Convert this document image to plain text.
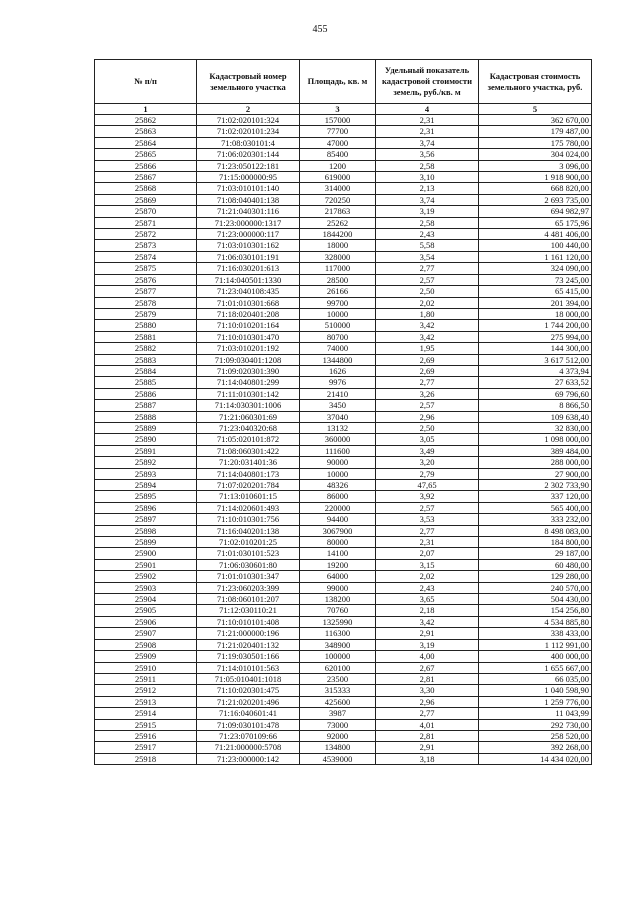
455
№ п/п	Кадастровый номер земельного участка	Площадь, кв. м	Удельный показатель кадастровой стоимости земель, руб./кв. м	Кадастровая стоимость земельного участка, руб.
1	2	3	4	5
25862	71:02:020101:324	157000	2,31	362 670,00
25863	71:02:020101:234	77700	2,31	179 487,00
25864	71:08:030101:4	47000	3,74	175 780,00
25865	71:06:020301:144	85400	3,56	304 024,00
25866	71:23:050122:181	1200	2,58	3 096,00
25867	71:15:000000:95	619000	3,10	1 918 900,00
25868	71:03:010101:140	314000	2,13	668 820,00
25869	71:08:040401:138	720250	3,74	2 693 735,00
25870	71:21:040301:116	217863	3,19	694 982,97
25871	71:23:000000:1317	25262	2,58	65 175,96
25872	71:23:000000:117	1844200	2,43	4 481 406,00
25873	71:03:010301:162	18000	5,58	100 440,00
25874	71:06:030101:191	328000	3,54	1 161 120,00
25875	71:16:030201:613	117000	2,77	324 090,00
25876	71:14:040501:1330	28500	2,57	73 245,00
25877	71:23:040108:435	26166	2,50	65 415,00
25878	71:01:010301:668	99700	2,02	201 394,00
25879	71:18:020401:208	10000	1,80	18 000,00
25880	71:10:010201:164	510000	3,42	1 744 200,00
25881	71:10:010301:470	80700	3,42	275 994,00
25882	71:03:010201:192	74000	1,95	144 300,00
25883	71:09:030401:1208	1344800	2,69	3 617 512,00
25884	71:09:020301:390	1626	2,69	4 373,94
25885	71:14:040801:299	9976	2,77	27 633,52
25886	71:11:010301:142	21410	3,26	69 796,60
25887	71:14:030301:1006	3450	2,57	8 866,50
25888	71:21:060301:69	37040	2,96	109 638,40
25889	71:23:040320:68	13132	2,50	32 830,00
25890	71:05:020101:872	360000	3,05	1 098 000,00
25891	71:08:060301:422	111600	3,49	389 484,00
25892	71:20:031401:36	90000	3,20	288 000,00
25893	71:14:040801:173	10000	2,79	27 900,00
25894	71:07:020201:784	48326	47,65	2 302 733,90
25895	71:13:010601:15	86000	3,92	337 120,00
25896	71:14:020601:493	220000	2,57	565 400,00
25897	71:10:010301:756	94400	3,53	333 232,00
25898	71:16:040201:138	3067900	2,77	8 498 083,00
25899	71:02:010201:25	80000	2,31	184 800,00
25900	71:01:030101:523	14100	2,07	29 187,00
25901	71:06:030601:80	19200	3,15	60 480,00
25902	71:01:010301:347	64000	2,02	129 280,00
25903	71:23:060203:399	99000	2,43	240 570,00
25904	71:08:060101:207	138200	3,65	504 430,00
25905	71:12:030110:21	70760	2,18	154 256,80
25906	71:10:010101:408	1325990	3,42	4 534 885,80
25907	71:21:000000:196	116300	2,91	338 433,00
25908	71:21:020401:132	348900	3,19	1 112 991,00
25909	71:19:030501:166	100000	4,00	400 000,00
25910	71:14:010101:563	620100	2,67	1 655 667,00
25911	71:05:010401:1018	23500	2,81	66 035,00
25912	71:10:020301:475	315333	3,30	1 040 598,90
25913	71:21:020201:496	425600	2,96	1 259 776,00
25914	71:16:040601:41	3987	2,77	11 043,99
25915	71:09:030101:478	73000	4,01	292 730,00
25916	71:23:070109:66	92000	2,81	258 520,00
25917	71:21:000000:5708	134800	2,91	392 268,00
25918	71:23:000000:142	4539000	3,18	14 434 020,00
